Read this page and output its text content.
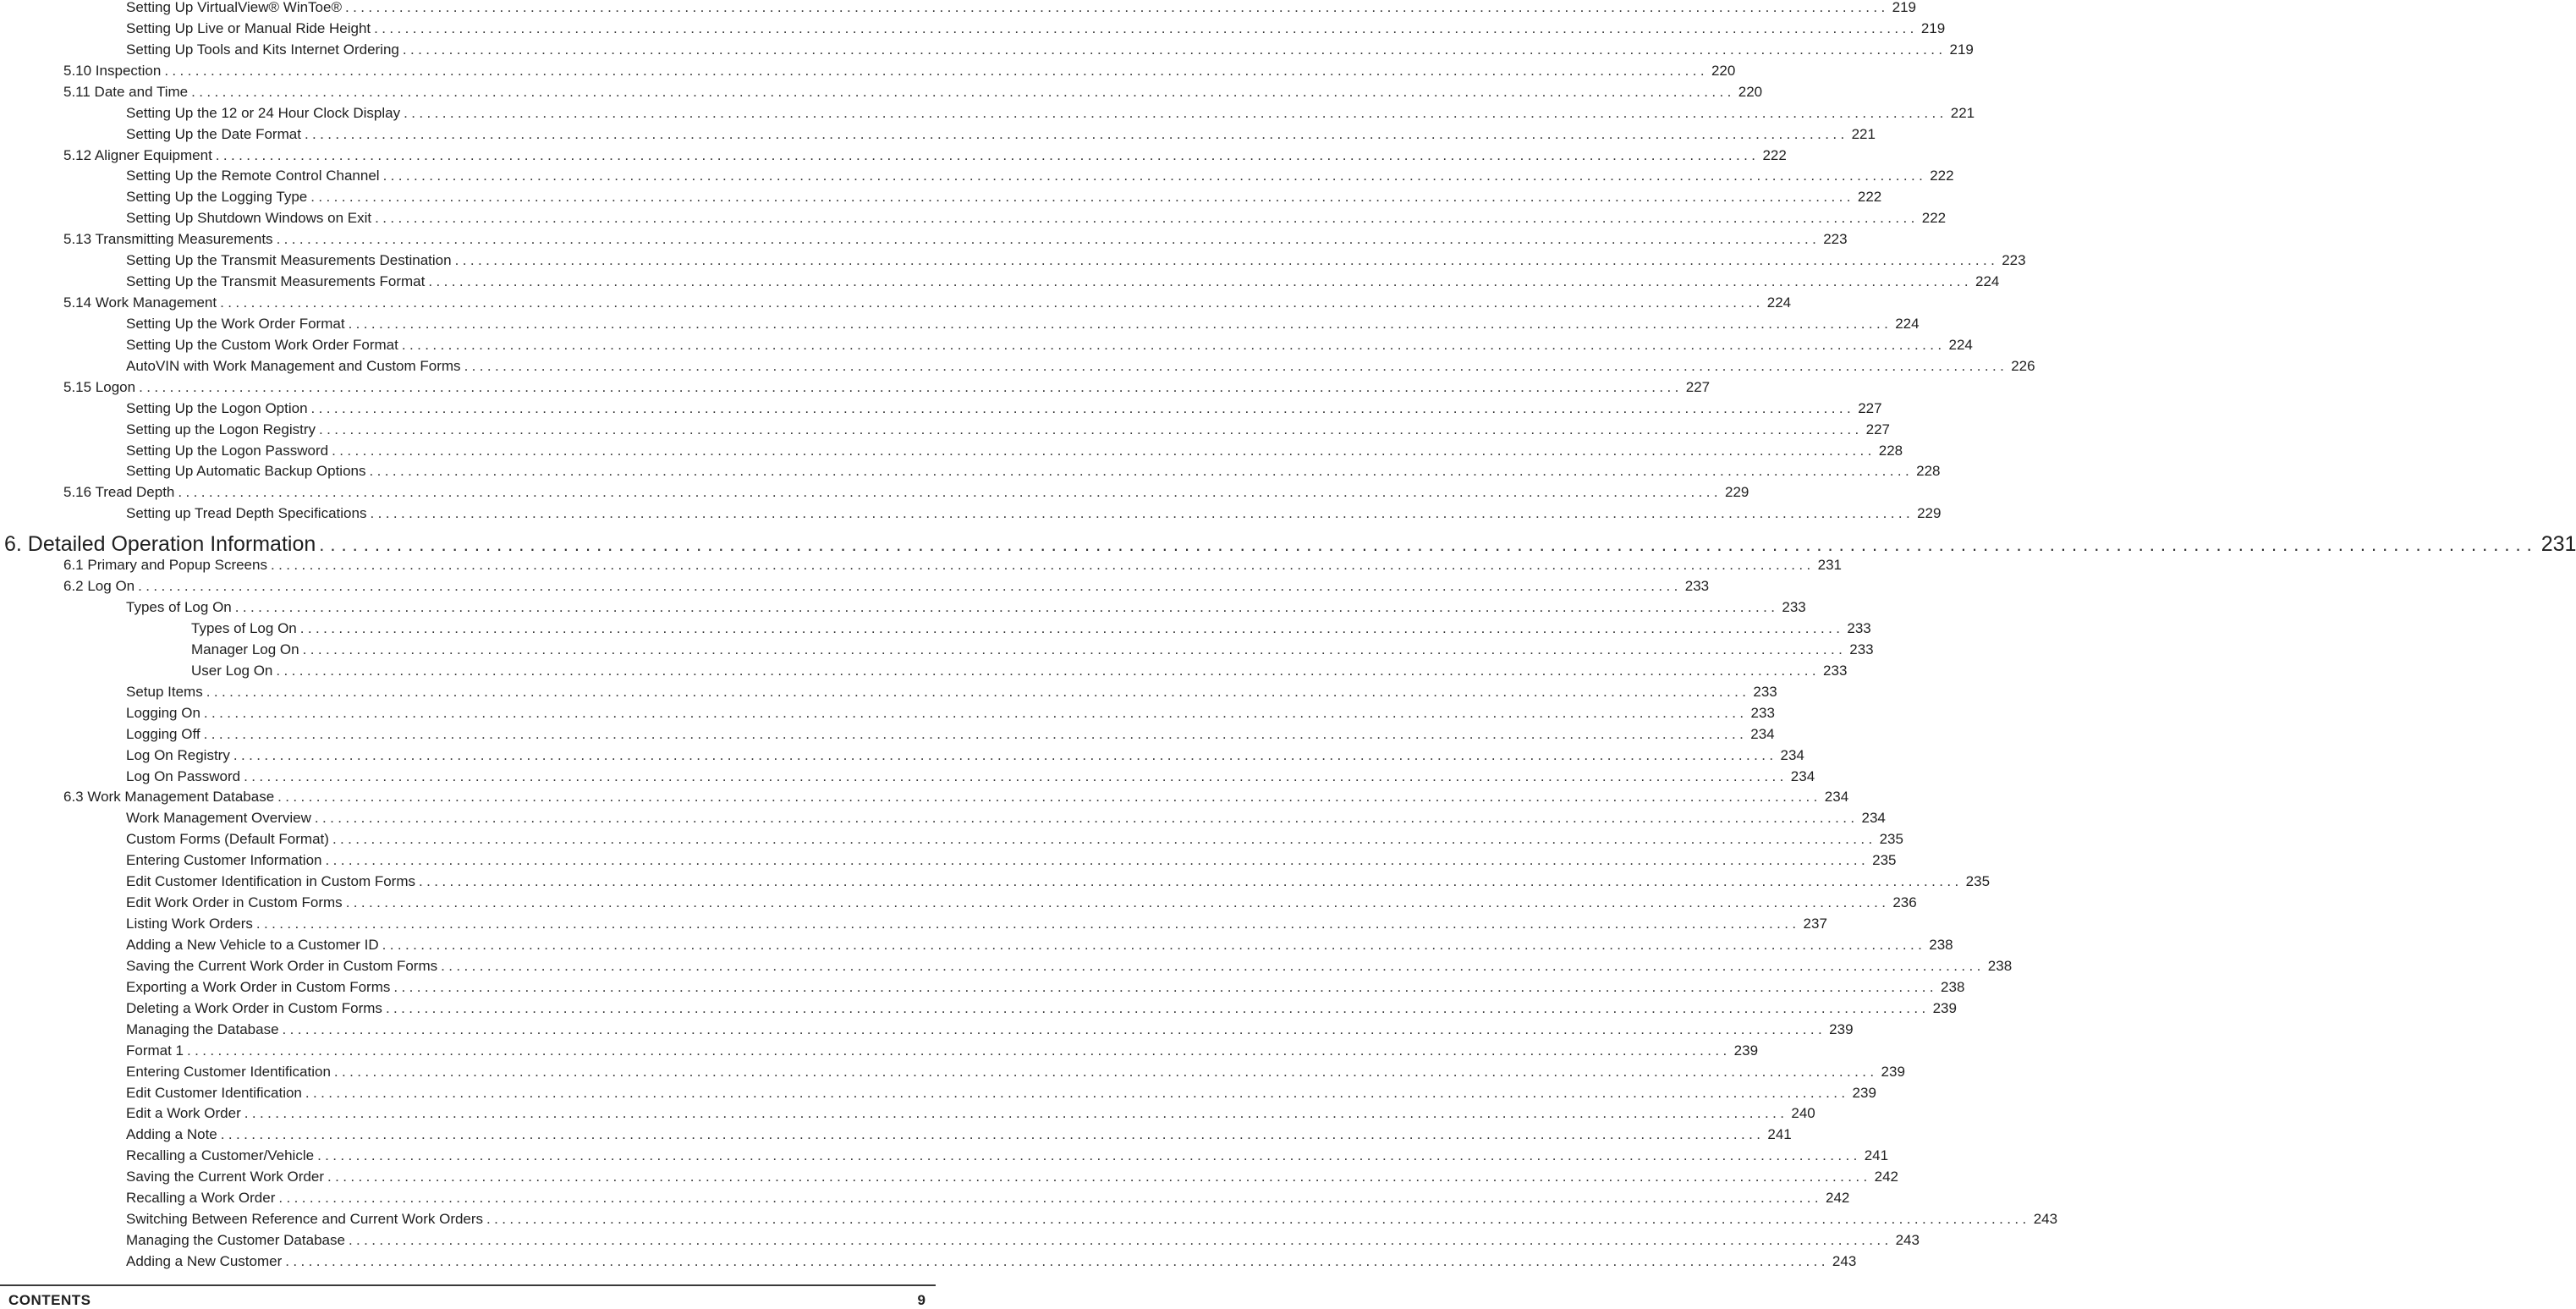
Setting Up VirtualView® WinToe® ........................................................................................................................................................................................................ 219
Setting Up Live or Manual Ride Height ........................................................................................................................................................................................................ 219
Setting Up Tools and Kits Internet Ordering ........................................................................................................................................................................................................ 219
5.10 Inspection ........................................................................................................................................................................................................ 220
5.11 Date and Time ........................................................................................................................................................................................................ 220
Setting Up the 12 or 24 Hour Clock Display ........................................................................................................................................................................................................ 221
Setting Up the Date Format ........................................................................................................................................................................................................ 221
5.12 Aligner Equipment ........................................................................................................................................................................................................ 222
Setting Up the Remote Control Channel ........................................................................................................................................................................................................ 222
Setting Up the Logging Type ........................................................................................................................................................................................................ 222
Setting Up Shutdown Windows on Exit ........................................................................................................................................................................................................ 222
5.13 Transmitting Measurements ........................................................................................................................................................................................................ 223
Setting Up the Transmit Measurements Destination ........................................................................................................................................................................................................ 223
Setting Up the Transmit Measurements Format ........................................................................................................................................................................................................ 224
5.14 Work Management ........................................................................................................................................................................................................ 224
Setting Up the Work Order Format ........................................................................................................................................................................................................ 224
Setting Up the Custom Work Order Format ........................................................................................................................................................................................................ 224
AutoVIN with Work Management and Custom Forms ........................................................................................................................................................................................................ 226
5.15 Logon ........................................................................................................................................................................................................ 227
Setting Up the Logon Option ........................................................................................................................................................................................................ 227
Setting up the Logon Registry ........................................................................................................................................................................................................ 227
Setting Up the Logon Password ........................................................................................................................................................................................................ 228
Setting Up Automatic Backup Options ........................................................................................................................................................................................................ 228
5.16 Tread Depth ........................................................................................................................................................................................................ 229
Setting up Tread Depth Specifications ........................................................................................................................................................................................................ 229
6. Detailed Operation Information ........................................................................................................................................................................................................ 231
6.1 Primary and Popup Screens ........................................................................................................................................................................................................ 231
6.2 Log On ........................................................................................................................................................................................................ 233
Types of Log On ........................................................................................................................................................................................................ 233
Types of Log On ........................................................................................................................................................................................................ 233
Manager Log On ........................................................................................................................................................................................................ 233
User Log On ........................................................................................................................................................................................................ 233
Setup Items ........................................................................................................................................................................................................ 233
Logging On ........................................................................................................................................................................................................ 233
Logging Off ........................................................................................................................................................................................................ 234
Log On Registry ........................................................................................................................................................................................................ 234
Log On Password ........................................................................................................................................................................................................ 234
6.3 Work Management Database ........................................................................................................................................................................................................ 234
Work Management Overview ........................................................................................................................................................................................................ 234
Custom Forms (Default Format) ........................................................................................................................................................................................................ 235
Entering Customer Information ........................................................................................................................................................................................................ 235
Edit Customer Identification in Custom Forms ........................................................................................................................................................................................................ 235
Edit Work Order in Custom Forms ........................................................................................................................................................................................................ 236
Listing Work Orders ........................................................................................................................................................................................................ 237
Adding a New Vehicle to a Customer ID ........................................................................................................................................................................................................ 238
Saving the Current Work Order in Custom Forms ........................................................................................................................................................................................................ 238
Exporting a Work Order in Custom Forms ........................................................................................................................................................................................................ 238
Deleting a Work Order in Custom Forms ........................................................................................................................................................................................................ 239
Managing the Database ........................................................................................................................................................................................................ 239
Format 1 ........................................................................................................................................................................................................ 239
Entering Customer Identification ........................................................................................................................................................................................................ 239
Edit Customer Identification ........................................................................................................................................................................................................ 239
Edit a Work Order ........................................................................................................................................................................................................ 240
Adding a Note ........................................................................................................................................................................................................ 241
Recalling a Customer/Vehicle ........................................................................................................................................................................................................ 241
Saving the Current Work Order ........................................................................................................................................................................................................ 242
Recalling a Work Order ........................................................................................................................................................................................................ 242
Switching Between Reference and Current Work Orders ........................................................................................................................................................................................................ 243
Managing the Customer Database ........................................................................................................................................................................................................ 243
Adding a New Customer ........................................................................................................................................................................................................ 243
CONTENTS	9
